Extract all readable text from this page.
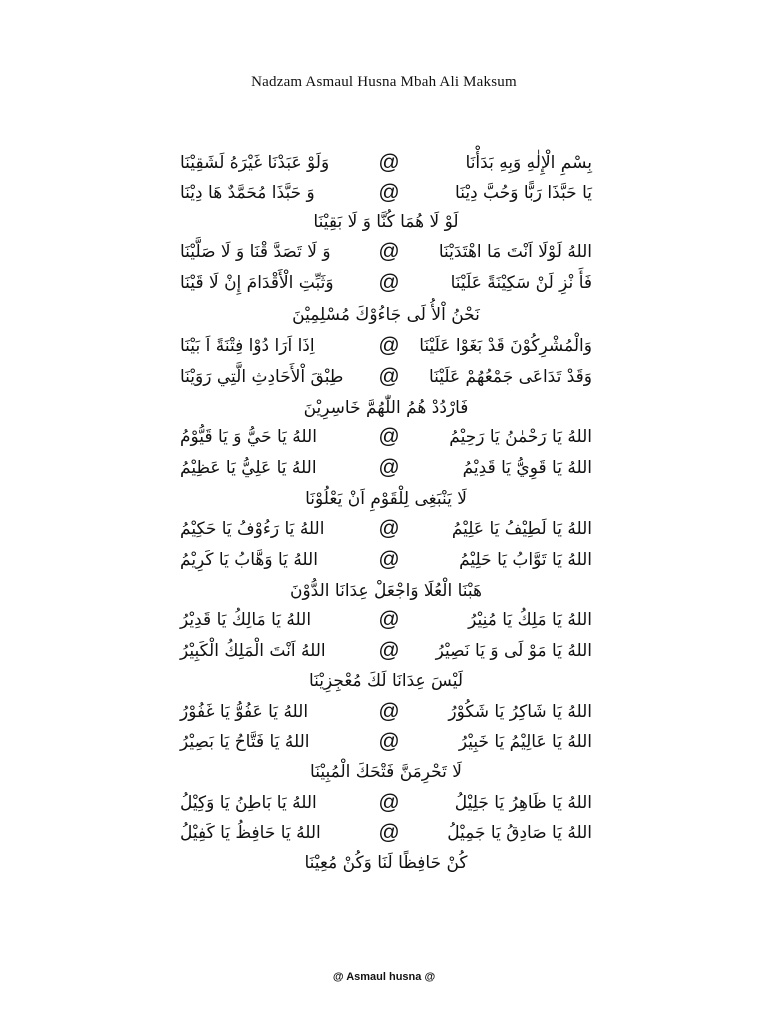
Nadzam Asmaul Husna Mbah Ali Maksum
بِسْمِ الْإِلٰهِ وَبِهِ بَدَأْنَا
@
وَلَوْ عَبَدْنَا غَيْرَهُ لَشَقِيْنَا
يَا حَبَّذَا رَبًّا وَحُبَّ دِيْنَا
@
وَ حَبَّذَا مُحَمَّدٌ هَا دِيْنَا
لَوْ لَا هُمَا كُنَّا وَ لَا بَقِيْنَا
اللهُ لَوْلَا اَنْتَ مَا اهْتَدَيْنَا
@
وَ لَا تَصَدَّ قْنَا وَ لَا صَلَّيْنَا
فَأَ نْزِ لَنْ سَكِيْنَةً عَلَيْنَا
@
وَثَبِّتِ الْأَقْدَامَ إِنْ لَا قَيْنَا
نَحْنُ اْلأُ لَى جَاءُوْكَ مُسْلِمِيْنَ
وَالْمُشْرِكُوْنَ قَدْ بَغَوْا عَلَيْنَا
@
اِذَا اَرَا دُوْا فِتْنَةً اَ بَيْنَا
وَقَدْ تَدَاعَى جَمْعُهُمْ عَلَيْنَا
@
طِبْقَ اْلأَحَادِثِ الَّتِي رَوَيْنَا
فَارْدُدْ هُمُ اللّٰهُمَّ خَاسِرِيْنَ
اللهُ يَا رَحْمٰنُ يَا رَحِيْمُ
@
اللهُ يَا حَيُّ وَ يَا قَيُّوْمُ
اللهُ يَا قَوِيُّ يَا قَدِيْمُ
@
اللهُ يَا عَلِيُّ يَا عَظِيْمُ
لَا يَنْبَغِى لِلْقَوْمِ اَنْ يَعْلُوْنَا
اللهُ يَا لَطِيْفُ يَا عَلِيْمُ
@
اللهُ يَا رَءُوْفُ يَا حَكِيْمُ
اللهُ يَا تَوَّابُ يَا حَلِيْمُ
@
اللهُ يَا وَهَّابُ يَا كَرِيْمُ
هَبْنَا الْعُلَا وَاجْعَلْ عِدَانَا الدُّوْنَ
اللهُ يَا مَلِكُ يَا مُنِيْرُ
@
اللهُ يَا مَالِكُ يَا قَدِيْرُ
اللهُ يَا مَوْ لَى وَ يَا نَصِيْرُ
@
اللهُ اَنْتَ الْمَلِكُ الْكَبِيْرُ
لَيْسَ عِدَانَا لَكَ مُعْجِزِيْنَا
اللهُ يَا شَاكِرُ يَا شَكُوْرُ
@
اللهُ يَا عَفُوُّ يَا غَفُوْرُ
اللهُ يَا عَالِيْمُ يَا خَبِيْرُ
@
اللهُ يَا فَتَّاحُ يَا بَصِيْرُ
لَا تَحْرِمَنَّ فَتْحَكَ الْمُبِيْنَا
اللهُ يَا ظَاهِرُ يَا جَلِيْلُ
@
اللهُ يَا بَاطِنُ يَا وَكِيْلُ
اللهُ يَا صَادِقُ يَا جَمِيْلُ
@
اللهُ يَا حَافِظُ يَا كَفِيْلُ
كُنْ حَافِظًا لَنَا وَكُنْ مُعِيْنَا
@ Asmaul husna @
